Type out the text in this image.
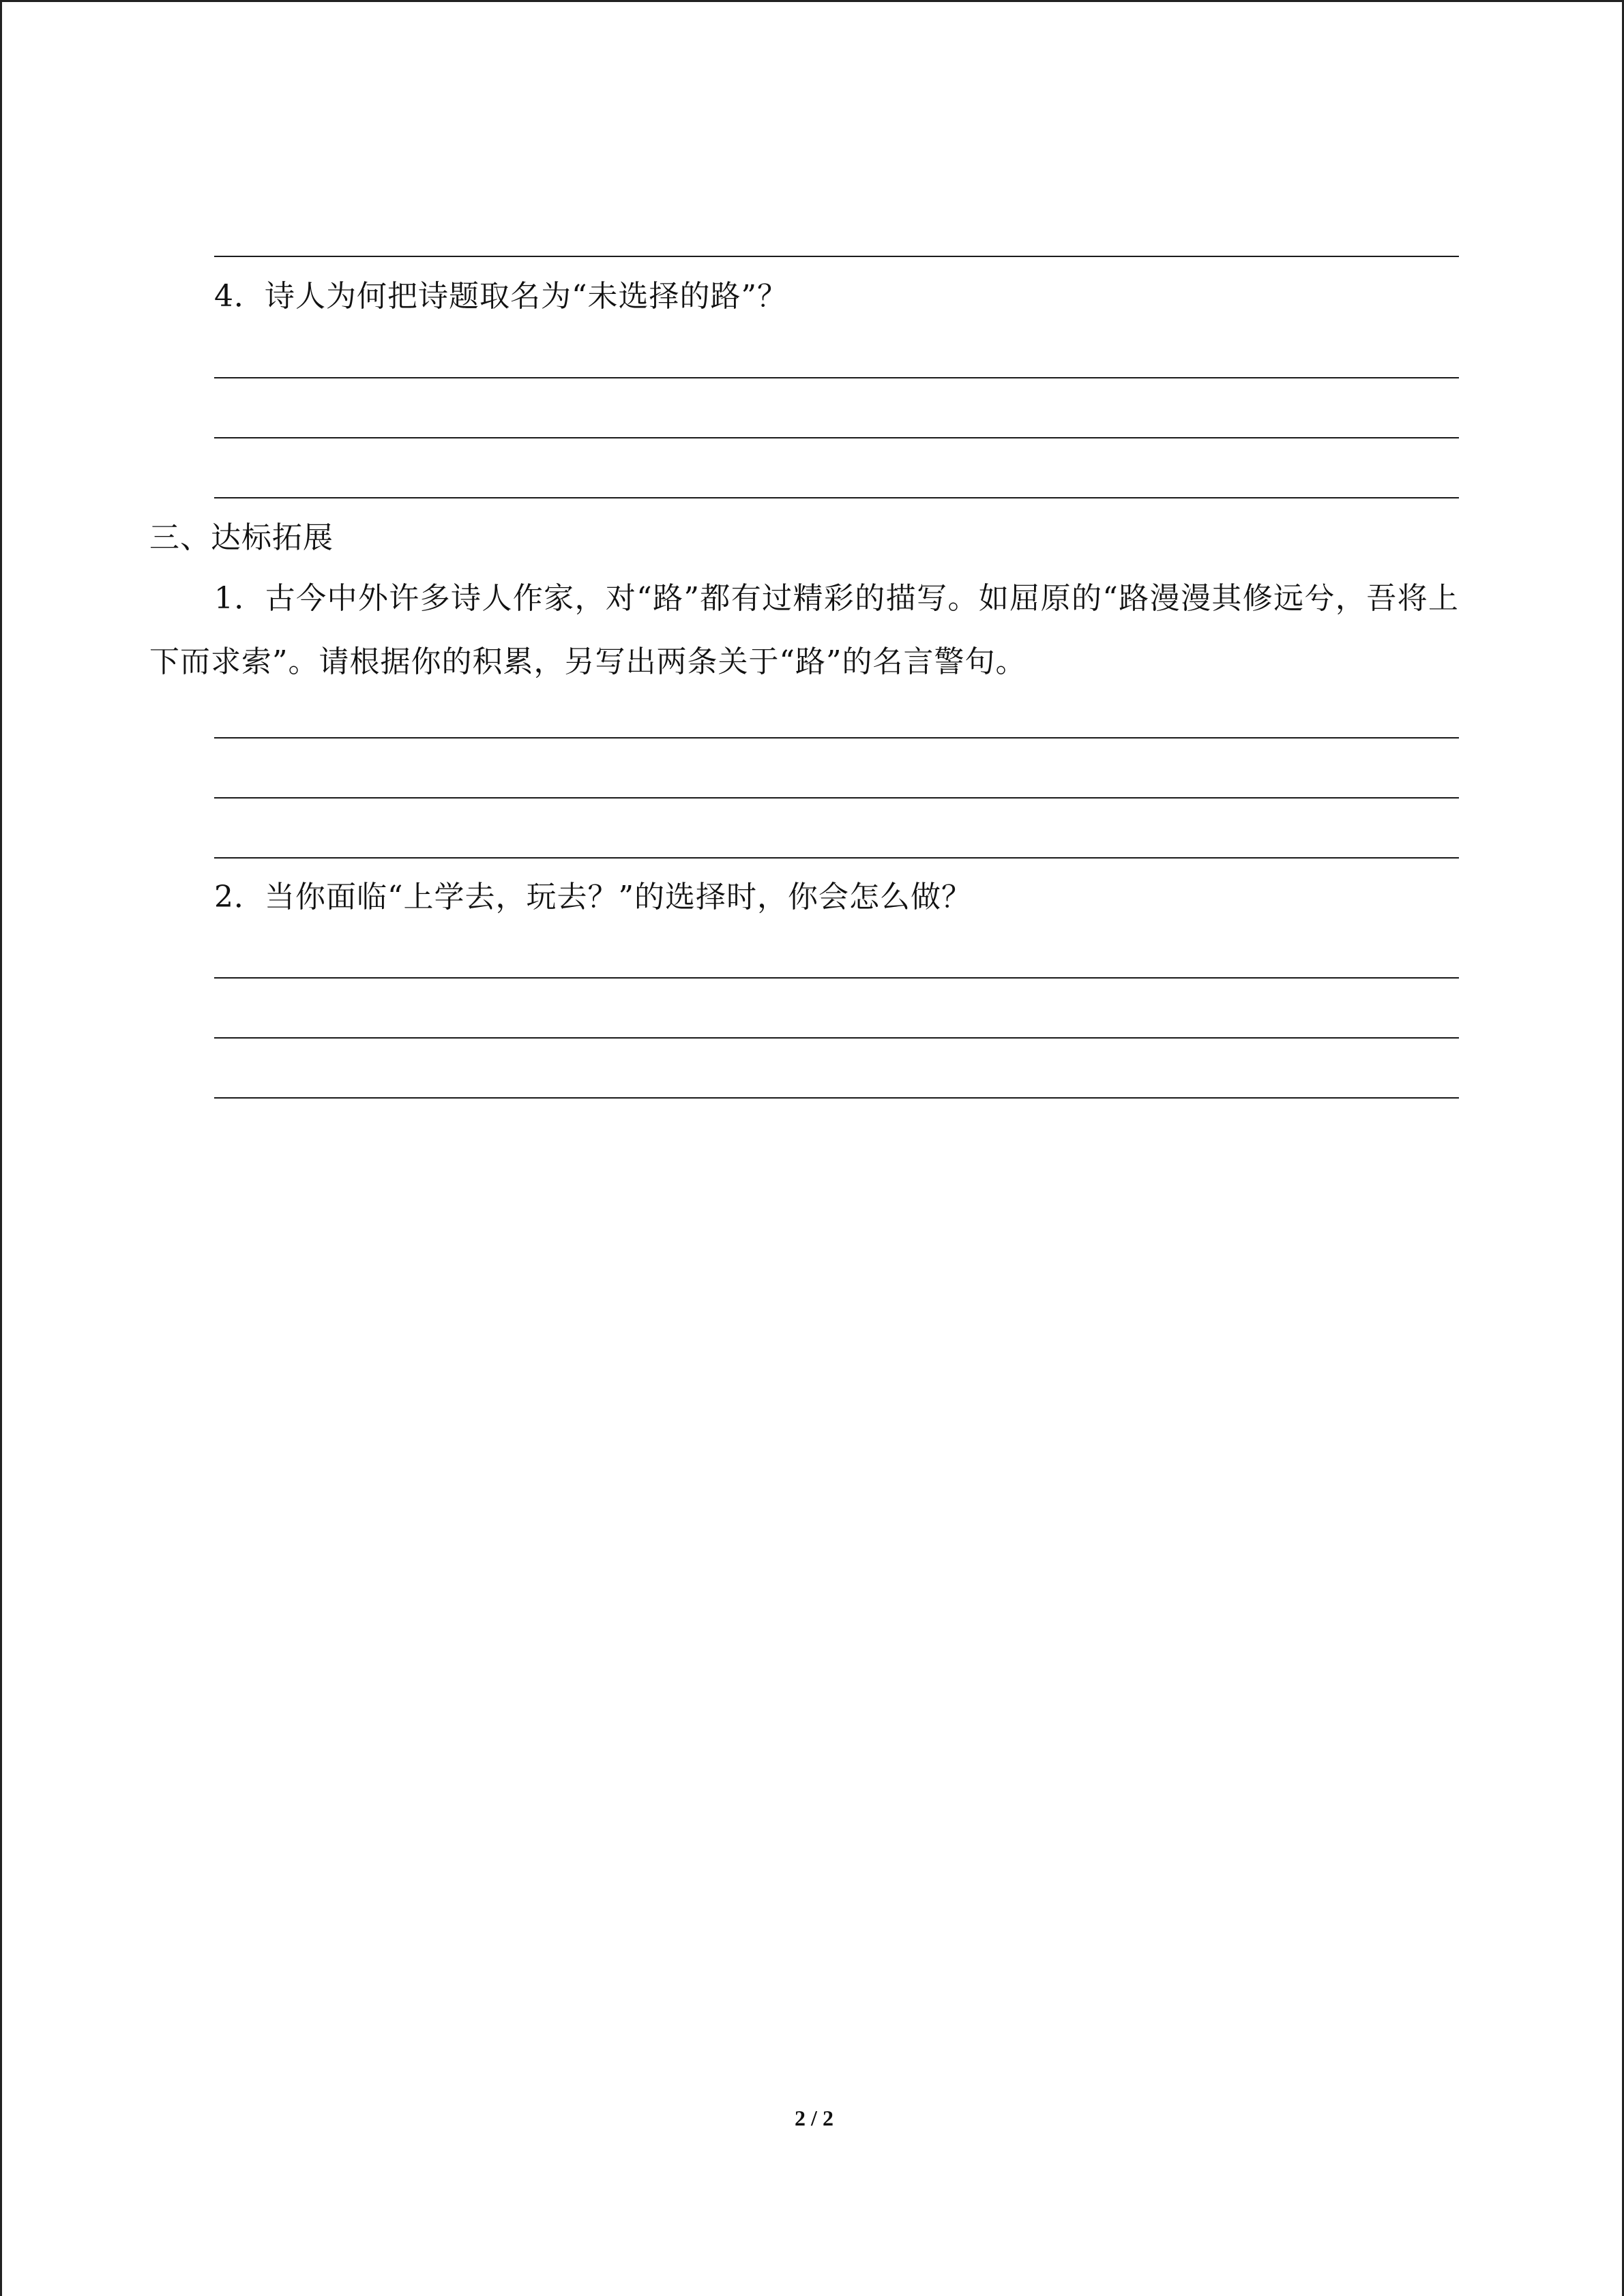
4．诗人为何把诗题取名为“未选择的路”？
三、达标拓展

1．古今中外许多诗人作家，对“路”都有过精彩的描写。如屈原的“路漫漫其修远兮，吾将上下而求索”。请根据你的积累，另写出两条关于“路”的名言警句。

2．当你面临“上学去，玩去？”的选择时，你会怎么做？
2 / 2
